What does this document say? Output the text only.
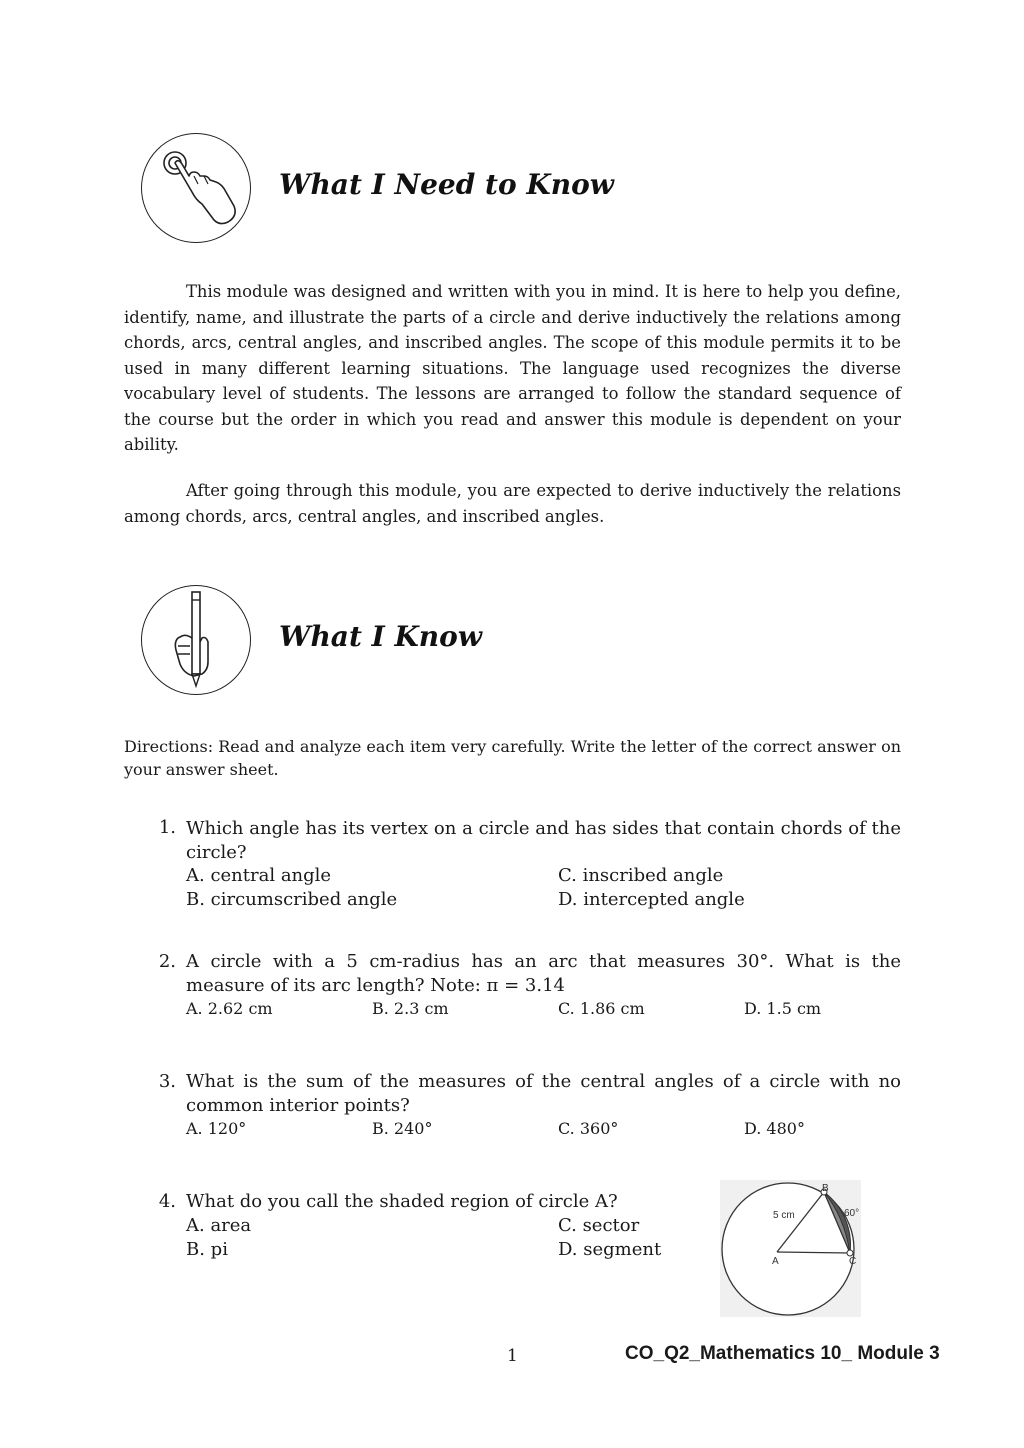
What I Need to Know

This module was designed and written with you in mind. It is here to help you define, identify, name, and illustrate the parts of a circle and derive inductively the relations among chords, arcs, central angles, and inscribed angles. The scope of this module permits it to be used in many different learning situations. The language used recognizes the diverse vocabulary level of students. The lessons are arranged to follow the standard sequence of the course but the order in which you read and answer this module is dependent on your ability.

After going through this module, you are expected to derive inductively the relations among chords, arcs, central angles, and inscribed angles.

What I Know

Directions: Read and analyze each item very carefully. Write the letter of the correct answer on your answer sheet.

1. Which angle has its vertex on a circle and has sides that contain chords of the circle?

A. central angle
B. circumscribed angle
C. inscribed angle
D. intercepted angle
2. A circle with a 5 cm-radius has an arc that measures 30°. What is the measure of its arc length? Note: π = 3.14

A. 2.62 cm	B. 2.3 cm	C. 1.86 cm	D. 1.5 cm
3. What is the sum of the measures of the central angles of a circle with no common interior points?

A. 120°	B. 240°	C. 360°	D. 480°
4. What do you call the shaded region of circle A?

A. area
B. pi
C. sector
D. segment
B
C
A
5 cm	60°
1	CO_Q2_Mathematics 10_ Module 3
